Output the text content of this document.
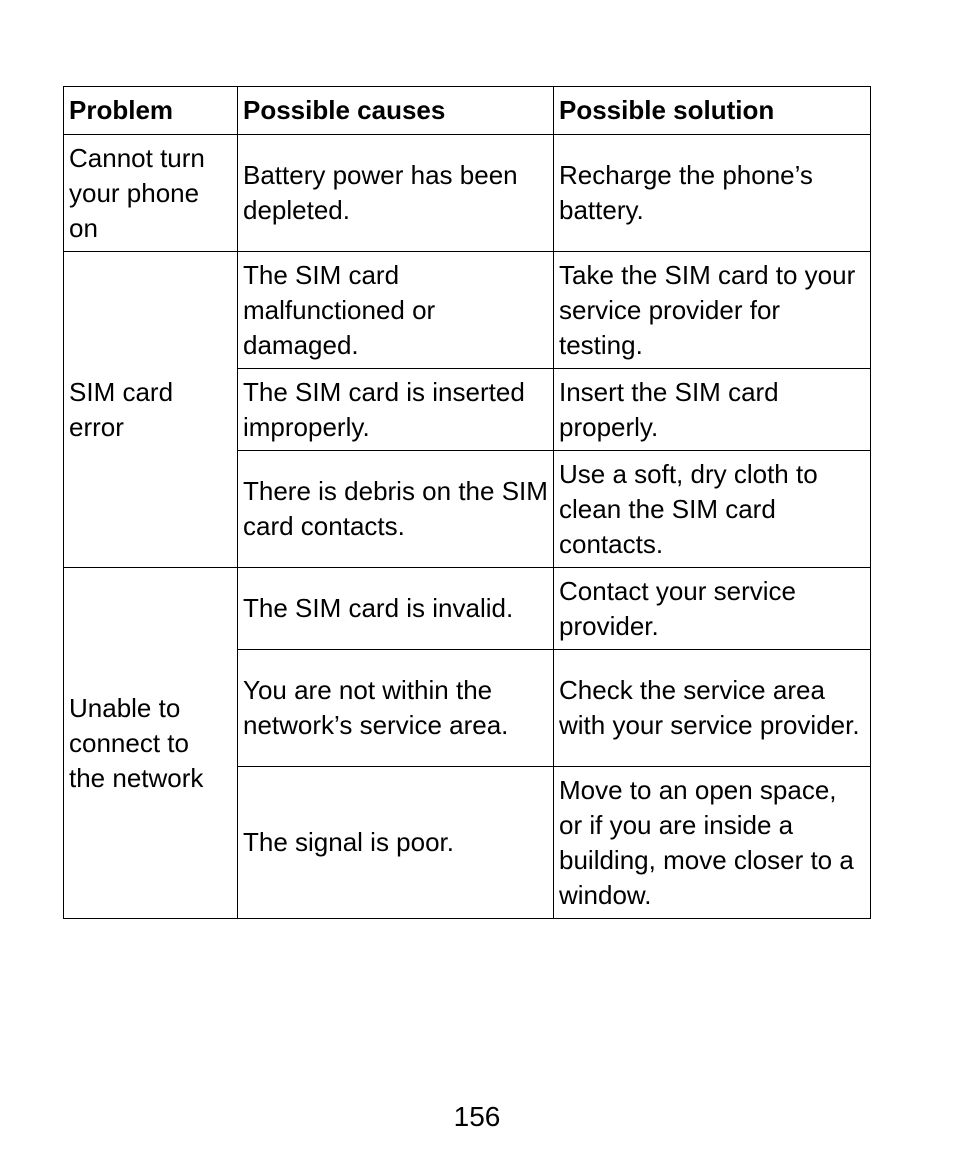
Problem	Possible causes	Possible solution
Cannot turn your phone on	Battery power has been depleted.	Recharge the phone’s battery.
SIM card error	The SIM card malfunctioned or damaged.	Take the SIM card to your service provider for testing.
	The SIM card is inserted improperly.	Insert the SIM card properly.
	There is debris on the SIM card contacts.	Use a soft, dry cloth to clean the SIM card contacts.
Unable to connect to the network	The SIM card is invalid.	Contact your service provider.
	You are not within the network’s service area.	Check the service area with your service provider.
	The signal is poor.	Move to an open space, or if you are inside a building, move closer to a window.
156
